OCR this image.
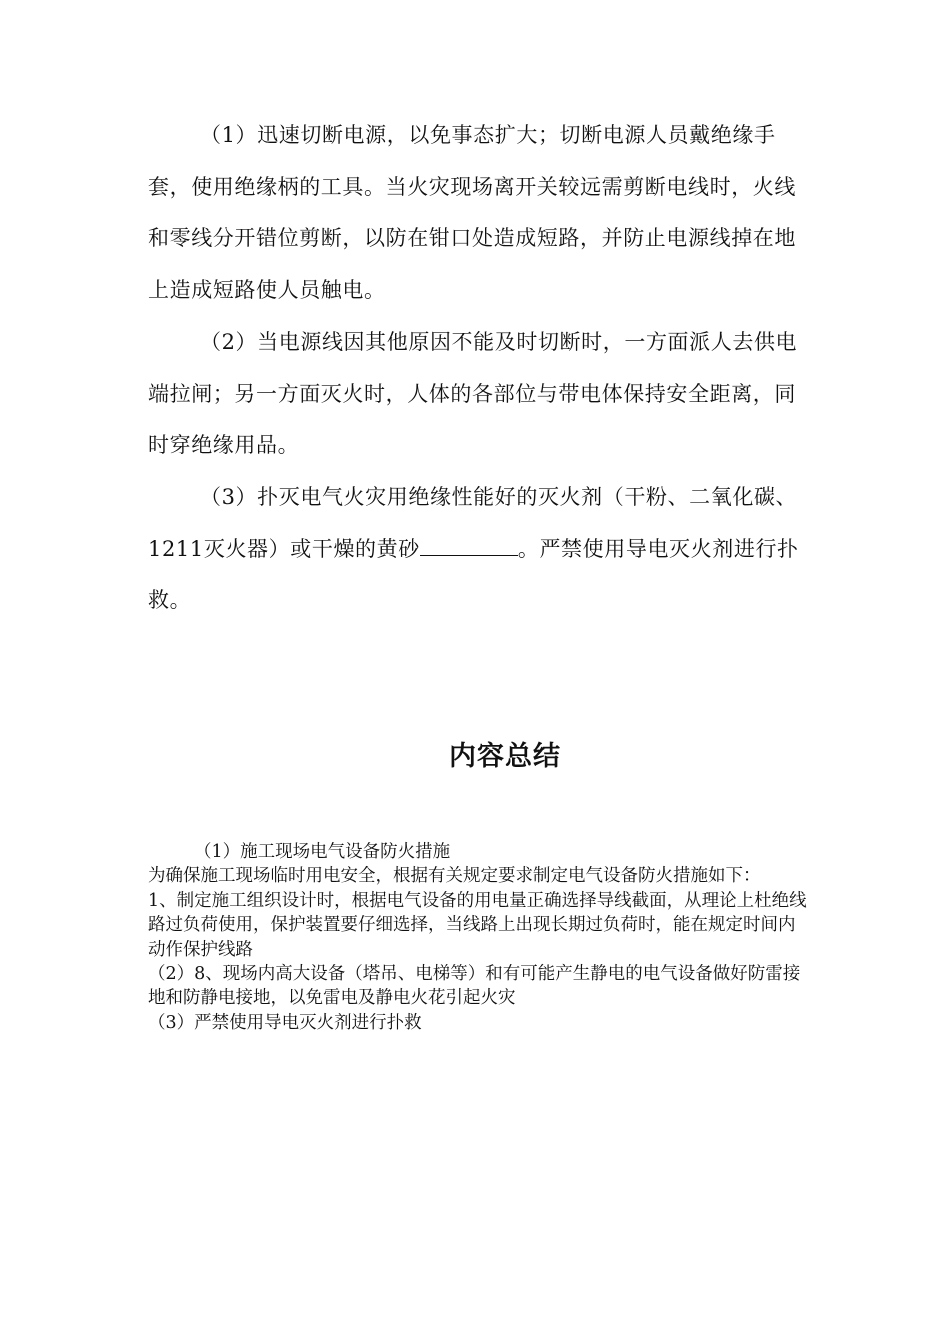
（1）迅速切断电源，以免事态扩大；切断电源人员戴绝缘手套，使用绝缘柄的工具。当火灾现场离开关较远需剪断电线时，火线和零线分开错位剪断，以防在钳口处造成短路，并防止电源线掉在地上造成短路使人员触电。

（2）当电源线因其他原因不能及时切断时，一方面派人去供电端拉闸；另一方面灭火时，人体的各部位与带电体保持安全距离，同时穿绝缘用品。

（3）扑灭电气火灾用绝缘性能好的灭火剂（干粉、二氧化碳、1211灭火器）或干燥的黄砂	。严禁使用导电灭火剂进行扑救。

内容总结
（1）施工现场电气设备防火措施
为确保施工现场临时用电安全，根据有关规定要求制定电气设备防火措施如下：
1、制定施工组织设计时，根据电气设备的用电量正确选择导线截面，从理论上杜绝线路过负荷使用，保护装置要仔细选择，当线路上出现长期过负荷时，能在规定时间内动作保护线路
（2）8、现场内高大设备（塔吊、电梯等）和有可能产生静电的电气设备做好防雷接地和防静电接地，以免雷电及静电火花引起火灾
（3）严禁使用导电灭火剂进行扑救
